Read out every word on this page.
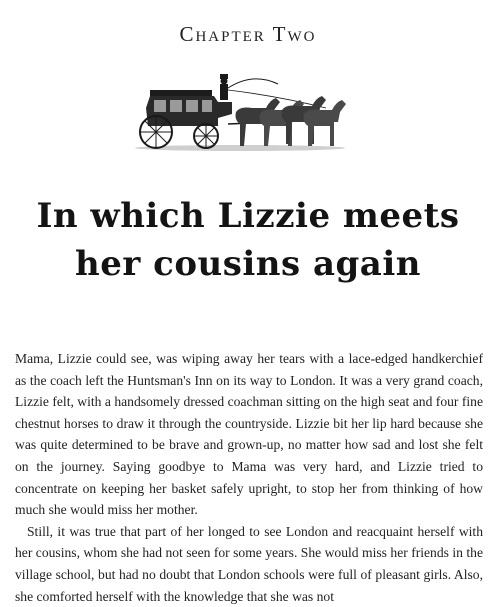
Chapter Two
In which Lizzie meets
her cousins again

Mama, Lizzie could see, was wiping away her tears with a lace-edged handkerchief as the coach left the Huntsman's Inn on its way to London. It was a very grand coach, Lizzie felt, with a handsomely dressed coachman sitting on the high seat and four fine chestnut horses to draw it through the countryside. Lizzie bit her lip hard because she was quite determined to be brave and grown-up, no matter how sad and lost she felt on the journey. Saying goodbye to Mama was very hard, and Lizzie tried to concentrate on keeping her basket safely upright, to stop her from thinking of how much she would miss her mother.

Still, it was true that part of her longed to see London and reacquaint herself with her cousins, whom she had not seen for some years. She would miss her friends in the village school, but had no doubt that London schools were full of pleasant girls. Also, she comforted herself with the knowledge that she was not
